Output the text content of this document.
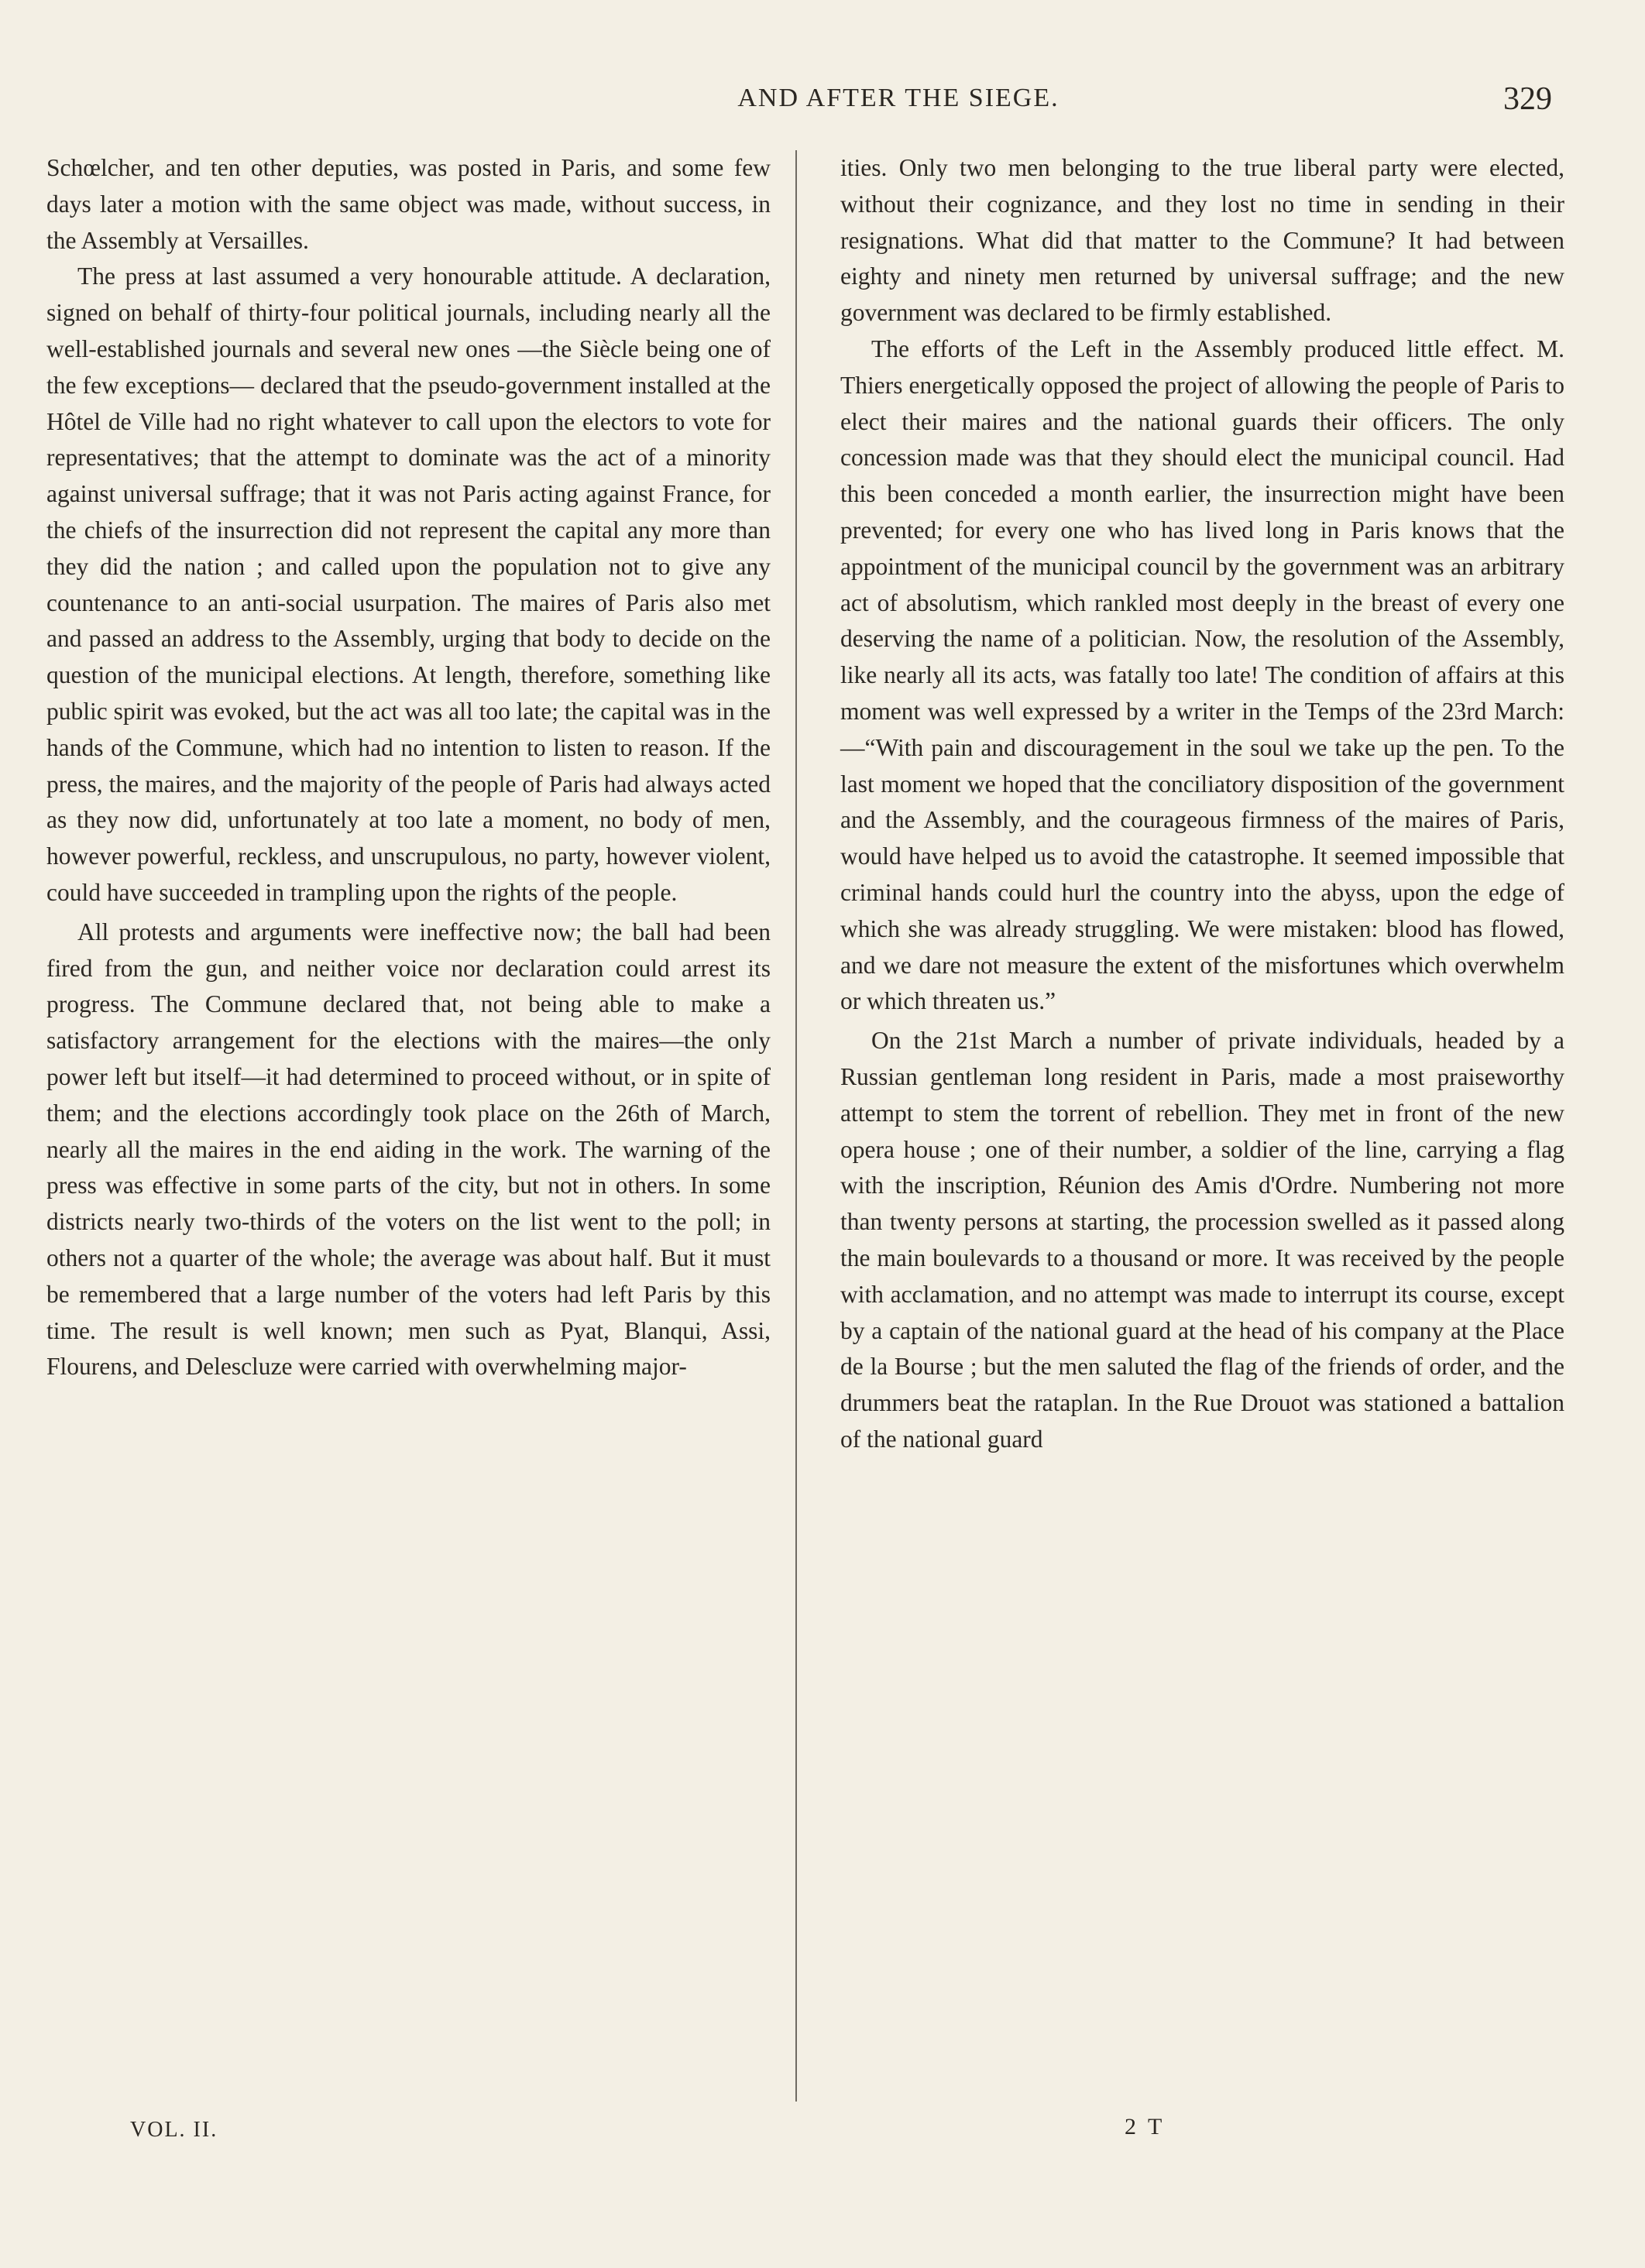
AND AFTER THE SIEGE.	329

Schœlcher, and ten other deputies, was posted in Paris, and some few days later a motion with the same object was made, without success, in the Assembly at Versailles.

The press at last assumed a very honourable attitude. A declaration, signed on behalf of thirty-four political journals, including nearly all the well-established journals and several new ones —the Siècle being one of the few exceptions— declared that the pseudo-government installed at the Hôtel de Ville had no right whatever to call upon the electors to vote for representatives; that the attempt to dominate was the act of a minority against universal suffrage; that it was not Paris acting against France, for the chiefs of the insurrection did not represent the capital any more than they did the nation ; and called upon the population not to give any countenance to an anti-social usurpation. The maires of Paris also met and passed an address to the Assembly, urging that body to decide on the question of the municipal elections. At length, therefore, something like public spirit was evoked, but the act was all too late; the capital was in the hands of the Commune, which had no intention to listen to reason. If the press, the maires, and the majority of the people of Paris had always acted as they now did, unfortunately at too late a moment, no body of men, however powerful, reckless, and unscrupulous, no party, however violent, could have succeeded in trampling upon the rights of the people.

All protests and arguments were ineffective now; the ball had been fired from the gun, and neither voice nor declaration could arrest its progress. The Commune declared that, not being able to make a satisfactory arrangement for the elections with the maires—the only power left but itself—it had determined to proceed without, or in spite of them; and the elections accordingly took place on the 26th of March, nearly all the maires in the end aiding in the work. The warning of the press was effective in some parts of the city, but not in others. In some districts nearly two-thirds of the voters on the list went to the poll; in others not a quarter of the whole; the average was about half. But it must be remembered that a large number of the voters had left Paris by this time. The result is well known; men such as Pyat, Blanqui, Assi, Flourens, and Delescluze were carried with overwhelming major-

ities. Only two men belonging to the true liberal party were elected, without their cognizance, and they lost no time in sending in their resignations. What did that matter to the Commune? It had between eighty and ninety men returned by universal suffrage; and the new government was declared to be firmly established.

The efforts of the Left in the Assembly produced little effect. M. Thiers energetically opposed the project of allowing the people of Paris to elect their maires and the national guards their officers. The only concession made was that they should elect the municipal council. Had this been conceded a month earlier, the insurrection might have been prevented; for every one who has lived long in Paris knows that the appointment of the municipal council by the government was an arbitrary act of absolutism, which rankled most deeply in the breast of every one deserving the name of a politician. Now, the resolution of the Assembly, like nearly all its acts, was fatally too late! The condition of affairs at this moment was well expressed by a writer in the Temps of the 23rd March:—“With pain and discouragement in the soul we take up the pen. To the last moment we hoped that the conciliatory disposition of the government and the Assembly, and the courageous firmness of the maires of Paris, would have helped us to avoid the catastrophe. It seemed impossible that criminal hands could hurl the country into the abyss, upon the edge of which she was already struggling. We were mistaken: blood has flowed, and we dare not measure the extent of the misfortunes which overwhelm or which threaten us.”

On the 21st March a number of private individuals, headed by a Russian gentleman long resident in Paris, made a most praiseworthy attempt to stem the torrent of rebellion. They met in front of the new opera house ; one of their number, a soldier of the line, carrying a flag with the inscription, Réunion des Amis d'Ordre. Numbering not more than twenty persons at starting, the procession swelled as it passed along the main boulevards to a thousand or more. It was received by the people with acclamation, and no attempt was made to interrupt its course, except by a captain of the national guard at the head of his company at the Place de la Bourse ; but the men saluted the flag of the friends of order, and the drummers beat the rataplan. In the Rue Drouot was stationed a battalion of the national guard

VOL. II.	2 T
